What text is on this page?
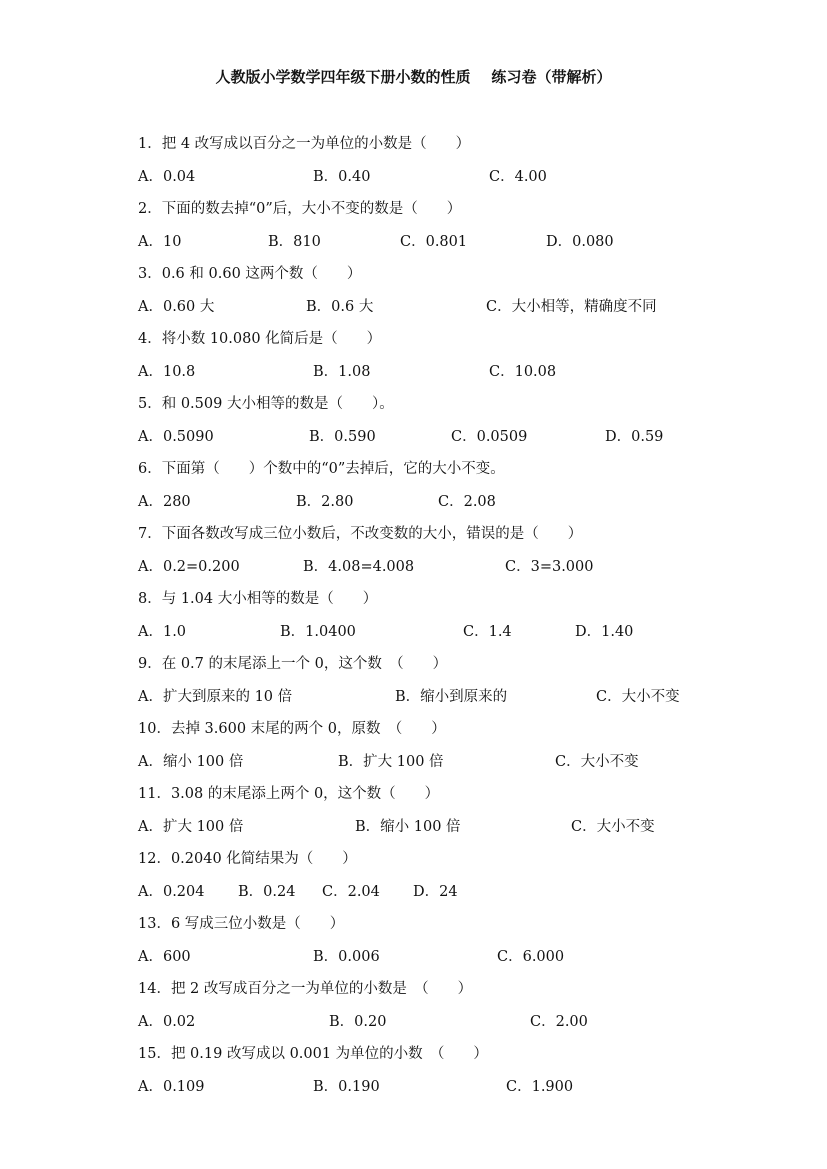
人教版小学数学四年级下册小数的性质    练习卷（带解析）
1．把 4 改写成以百分之一为单位的小数是（　　）
A．0.04	B．0.40	C．4.00
2．下面的数去掉“0”后，大小不变的数是（　　）
A．10	B．810	C．0.801	D．0.080
3．0.6 和 0.60 这两个数（　　）
A．0.60 大	B．0.6 大	C．大小相等，精确度不同
4．将小数 10.080 化简后是（　　）
A．10.8	B．1.08	C．10.08
5．和 0.509 大小相等的数是（　　）。
A．0.5090	B．0.590	C．0.0509	D．0.59
6．下面第（　　）个数中的“0”去掉后，它的大小不变。
A．280	B．2.80	C．2.08
7．下面各数改写成三位小数后，不改变数的大小，错误的是（　　）
A．0.2=0.200	B．4.08=4.008	C．3=3.000
8．与 1.04 大小相等的数是（　　）
A．1.0	B．1.0400	C．1.4	D．1.40
9．在 0.7 的末尾添上一个 0，这个数　（　　）
A．扩大到原来的 10 倍	B．缩小到原来的	C．大小不变
10．去掉 3.600 末尾的两个 0，原数　（　　）
A．缩小 100 倍	B．扩大 100 倍	C．大小不变
11．3.08 的末尾添上两个 0，这个数（　　）
A．扩大 100 倍	B．缩小 100 倍	C．大小不变
12．0.2040 化简结果为（　　）
A．0.204 B．0.24 C．2.04 D．24
13．6 写成三位小数是（　　）
A．600	B．0.006	C．6.000
14．把 2 改写成百分之一为单位的小数是　（　　）
A．0.02	B．0.20	C．2.00
15．把 0.19 改写成以 0.001 为单位的小数　（　　）
A．0.109	B．0.190	C．1.900
